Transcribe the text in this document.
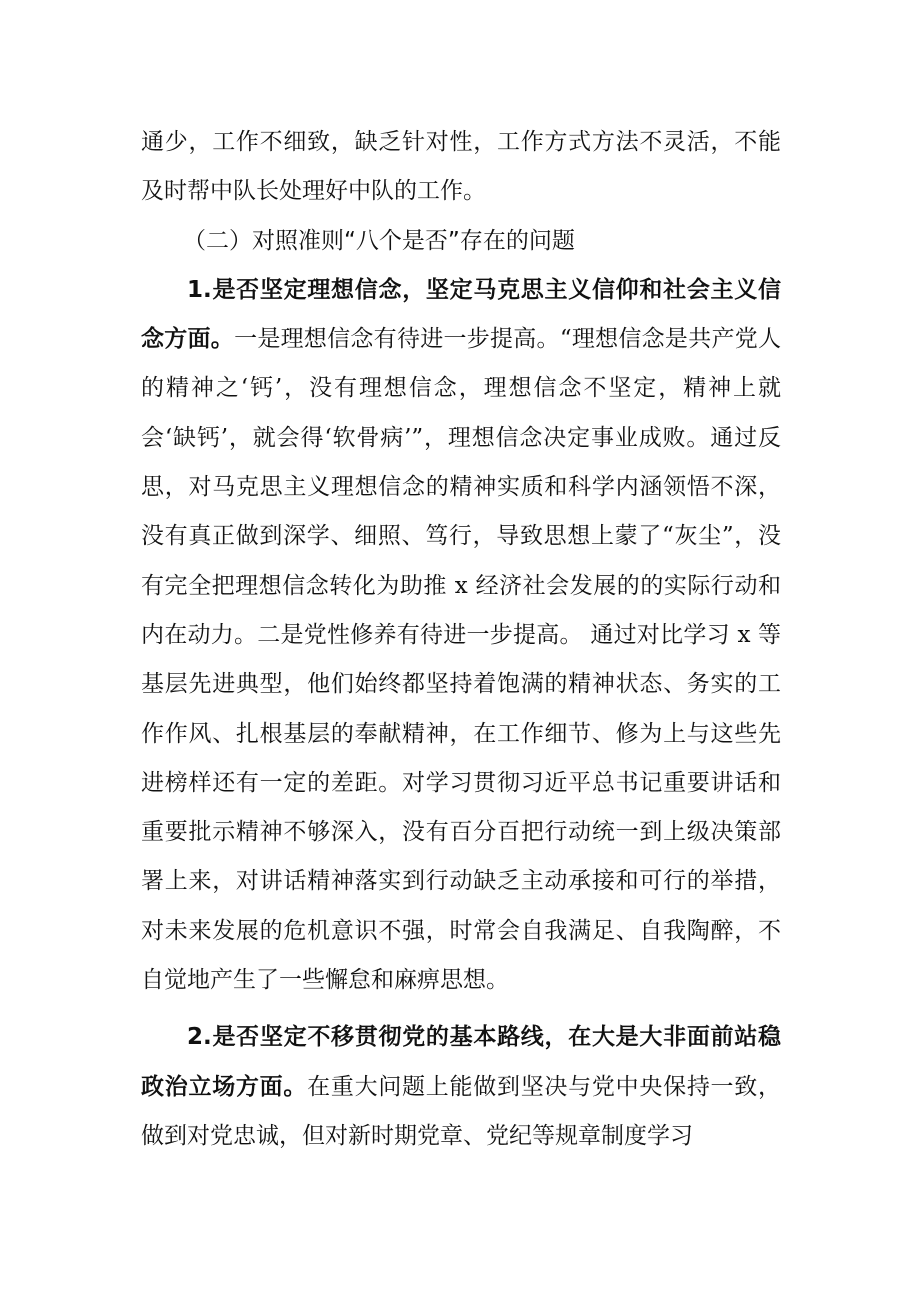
通少，工作不细致，缺乏针对性，工作方式方法不灵活，不能及时帮中队长处理好中队的工作。

（二）对照准则“八个是否”存在的问题

1.是否坚定理想信念，坚定马克思主义信仰和社会主义信念方面。一是理想信念有待进一步提高。“理想信念是共产党人的精神之‘钙’，没有理想信念，理想信念不坚定，精神上就会‘缺钙’，就会得‘软骨病’”，理想信念决定事业成败。通过反思，对马克思主义理想信念的精神实质和科学内涵领悟不深，没有真正做到深学、细照、笃行，导致思想上蒙了“灰尘”，没有完全把理想信念转化为助推 x 经济社会发展的的实际行动和内在动力。二是党性修养有待进一步提高。 通过对比学习 x 等基层先进典型，他们始终都坚持着饱满的精神状态、务实的工作作风、扎根基层的奉献精神，在工作细节、修为上与这些先进榜样还有一定的差距。对学习贯彻习近平总书记重要讲话和重要批示精神不够深入，没有百分百把行动统一到上级决策部署上来，对讲话精神落实到行动缺乏主动承接和可行的举措，对未来发展的危机意识不强，时常会自我满足、自我陶醉，不自觉地产生了一些懈怠和麻痹思想。

2.是否坚定不移贯彻党的基本路线，在大是大非面前站稳政治立场方面。在重大问题上能做到坚决与党中央保持一致，做到对党忠诚，但对新时期党章、党纪等规章制度学习
